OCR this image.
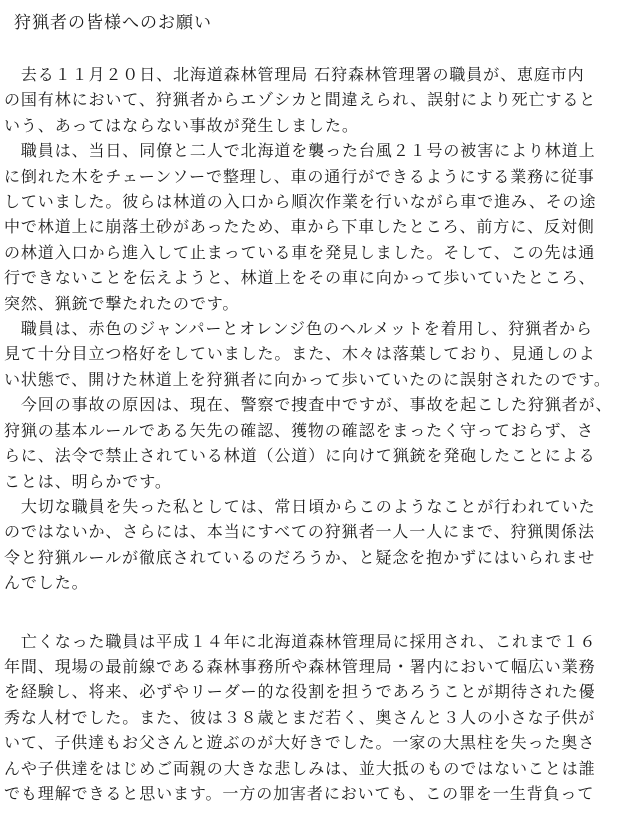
狩猟者の皆様へのお願い
　去る１１月２０日、北海道森林管理局 石狩森林管理署の職員が、恵庭市内
の国有林において、狩猟者からエゾシカと間違えられ、誤射により死亡すると
いう、あってはならない事故が発生しました。
　職員は、当日、同僚と二人で北海道を襲った台風２１号の被害により林道上
に倒れた木をチェーンソーで整理し、車の通行ができるようにする業務に従事
していました。彼らは林道の入口から順次作業を行いながら車で進み、その途
中で林道上に崩落土砂があったため、車から下車したところ、前方に、反対側
の林道入口から進入して止まっている車を発見しました。そして、この先は通
行できないことを伝えようと、林道上をその車に向かって歩いていたところ、
突然、猟銃で撃たれたのです。
　職員は、赤色のジャンパーとオレンジ色のヘルメットを着用し、狩猟者から
見て十分目立つ格好をしていました。また、木々は落葉しており、見通しのよ
い状態で、開けた林道上を狩猟者に向かって歩いていたのに誤射されたのです。
　今回の事故の原因は、現在、警察で捜査中ですが、事故を起こした狩猟者が、
狩猟の基本ルールである矢先の確認、獲物の確認をまったく守っておらず、さ
らに、法令で禁止されている林道（公道）に向けて猟銃を発砲したことによる
ことは、明らかです。
　大切な職員を失った私としては、常日頃からこのようなことが行われていた
のではないか、さらには、本当にすべての狩猟者一人一人にまで、狩猟関係法
令と狩猟ルールが徹底されているのだろうか、と疑念を抱かずにはいられませ
んでした。
　亡くなった職員は平成１４年に北海道森林管理局に採用され、これまで１６
年間、現場の最前線である森林事務所や森林管理局・署内において幅広い業務
を経験し、将来、必ずやリーダー的な役割を担うであろうことが期待された優
秀な人材でした。また、彼は３８歳とまだ若く、奥さんと３人の小さな子供が
いて、子供達もお父さんと遊ぶのが大好きでした。一家の大黒柱を失った奥さ
んや子供達をはじめご両親の大きな悲しみは、並大抵のものではないことは誰
でも理解できると思います。一方の加害者においても、この罪を一生背負って
